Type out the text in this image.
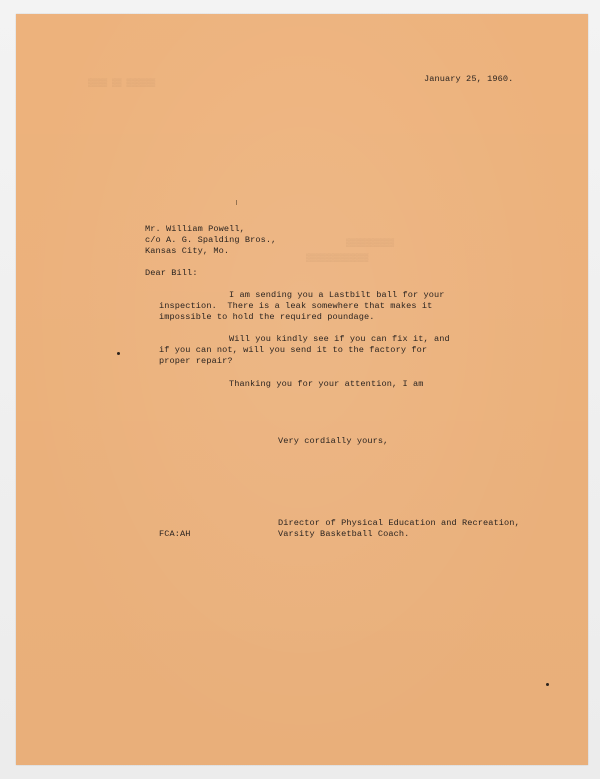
▒▒▒▒ ▒▒ ▒▒▒▒▒▒
▒▒▒▒▒▒▒▒▒▒
▒▒▒▒▒▒▒▒▒▒▒▒▒
January 25, 1960.
Mr. William Powell,
c/o A. G. Spalding Bros.,
Kansas City, Mo.
Dear Bill:
I am sending you a Lastbilt ball for your
inspection.  There is a leak somewhere that makes it
impossible to hold the required poundage.
Will you kindly see if you can fix it, and
if you can not, will you send it to the factory for
proper repair?
Thanking you for your attention, I am
Very cordially yours,
Director of Physical Education and Recreation,
Varsity Basketball Coach.
FCA:AH
